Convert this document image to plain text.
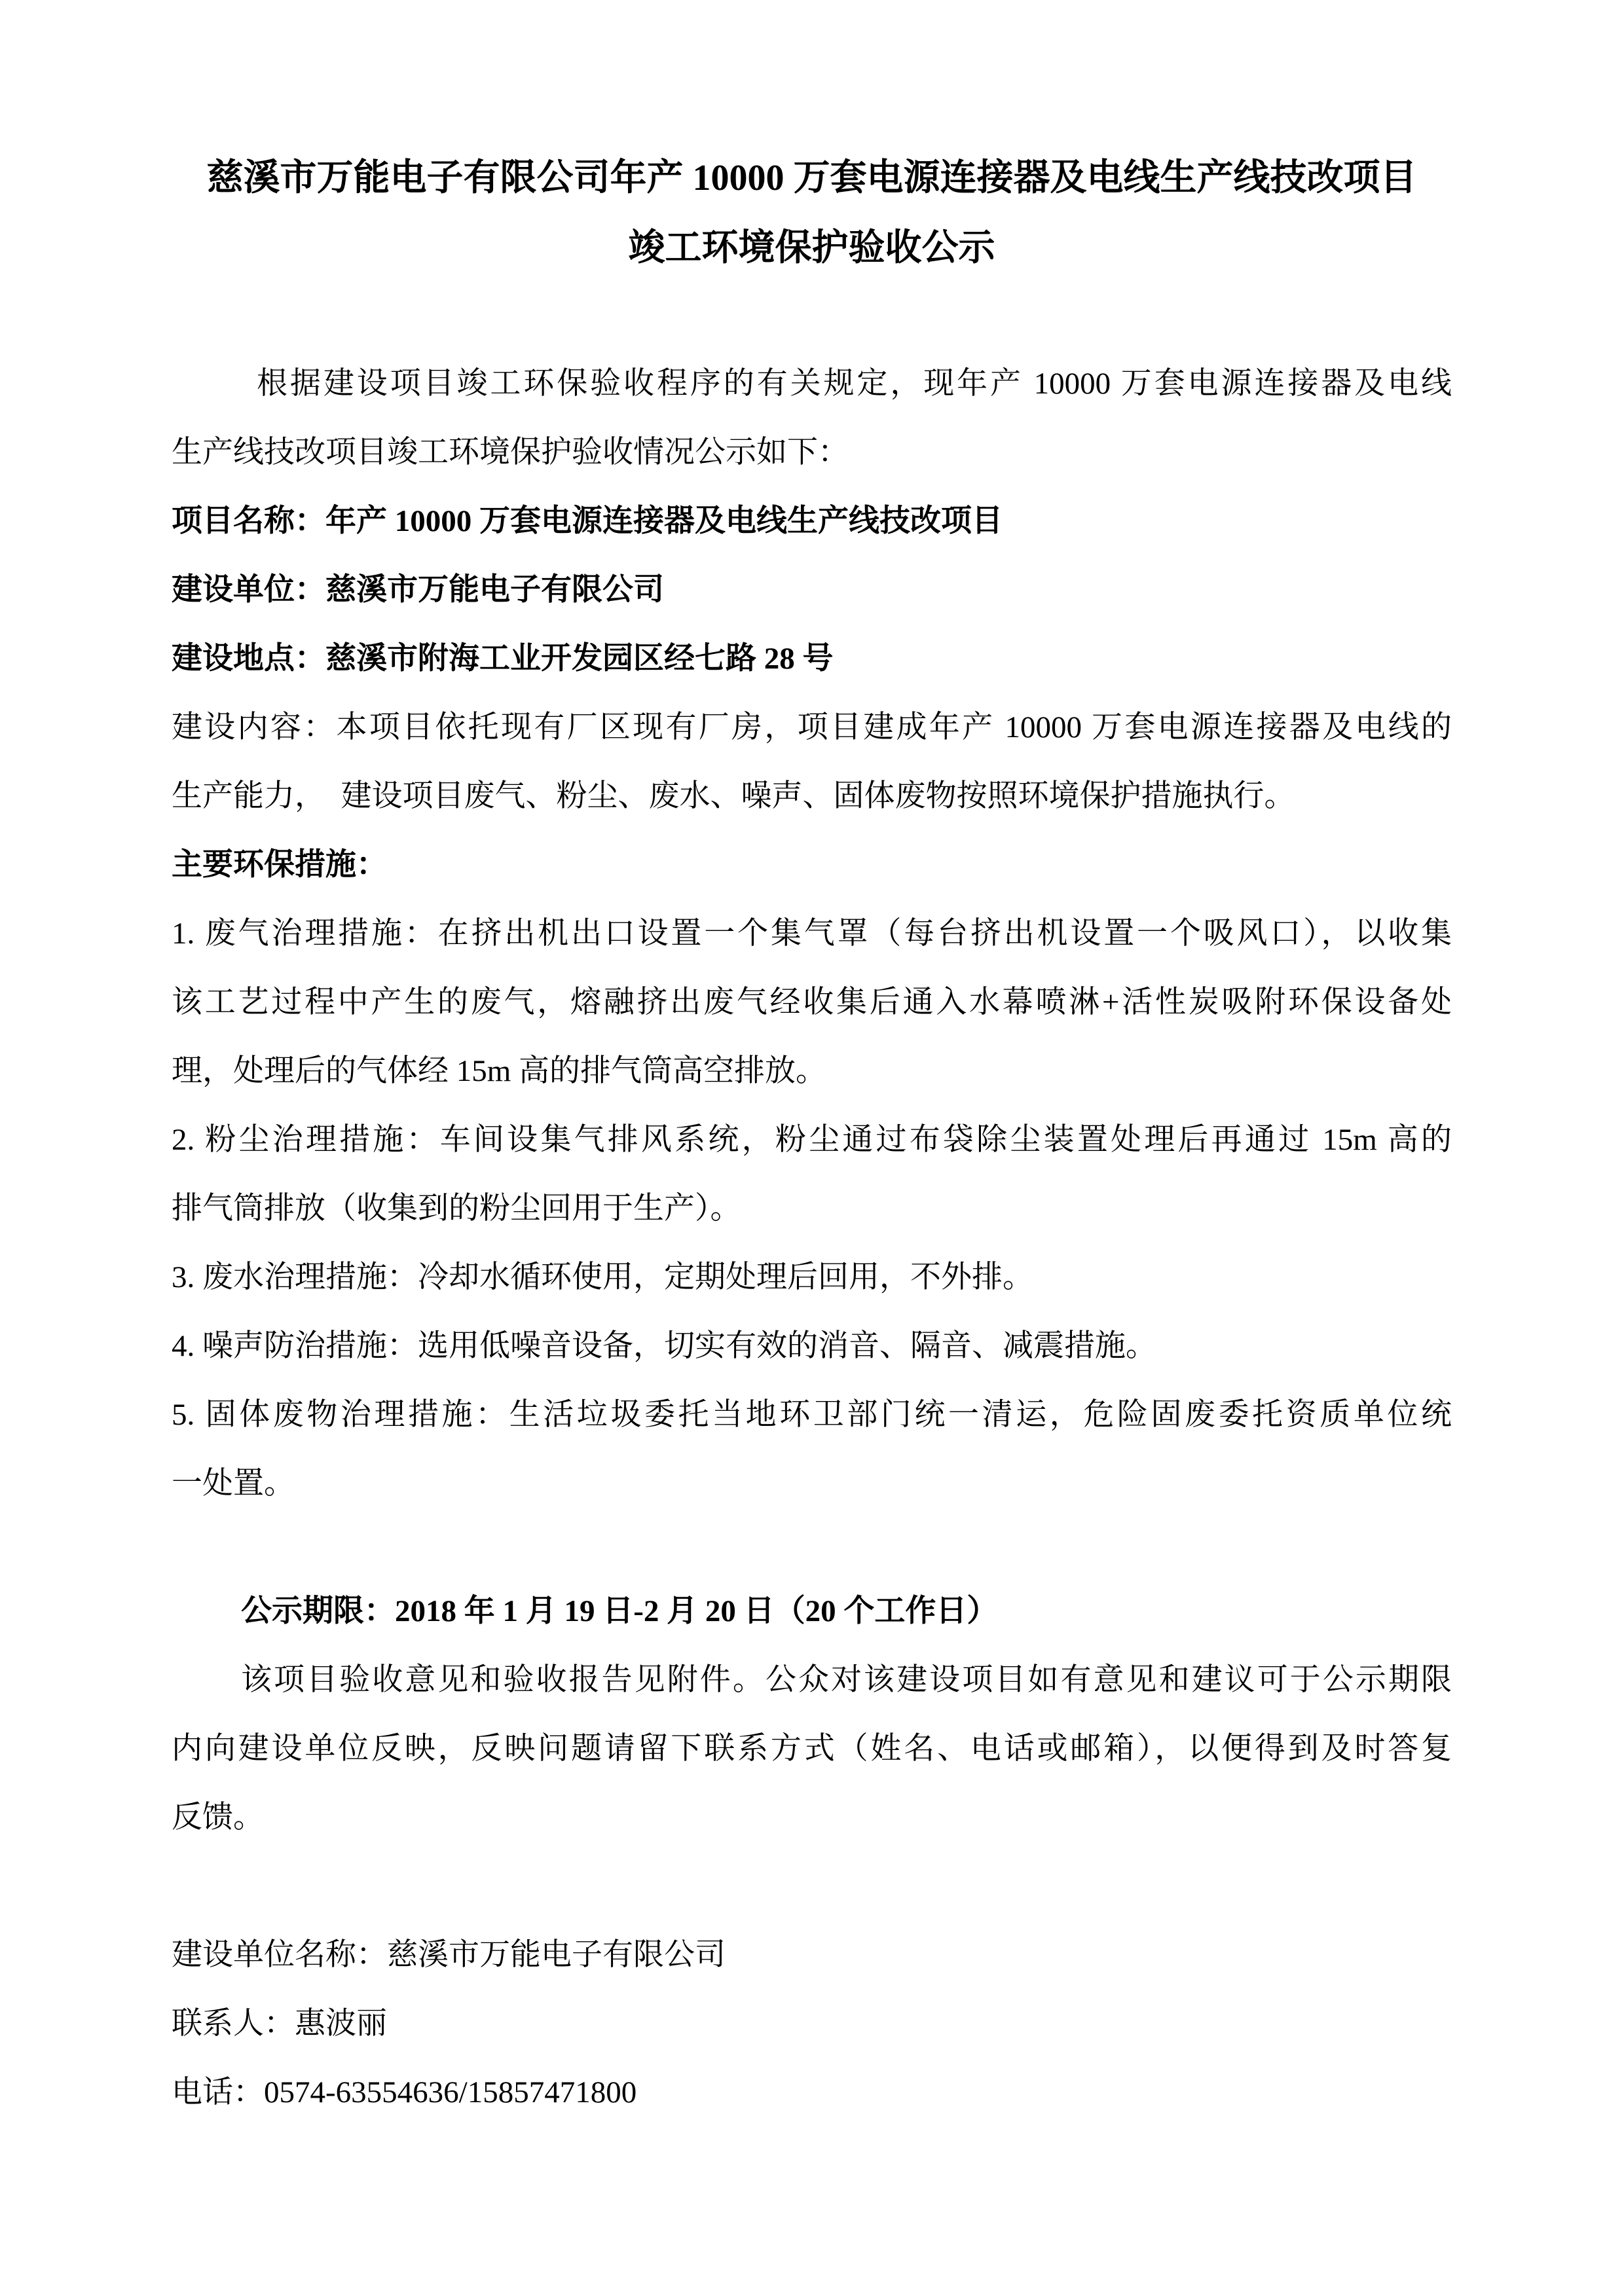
慈溪市万能电子有限公司年产 10000 万套电源连接器及电线生产线技改项目
竣工环境保护验收公示
根据建设项目竣工环保验收程序的有关规定，现年产 10000 万套电源连接器及电线
生产线技改项目竣工环境保护验收情况公示如下：
项目名称：年产 10000 万套电源连接器及电线生产线技改项目
建设单位：慈溪市万能电子有限公司
建设地点：慈溪市附海工业开发园区经七路 28 号
建设内容：本项目依托现有厂区现有厂房，项目建成年产 10000 万套电源连接器及电线的
生产能力，  建设项目废气、粉尘、废水、噪声、固体废物按照环境保护措施执行。
主要环保措施：
1. 废气治理措施：在挤出机出口设置一个集气罩（每台挤出机设置一个吸风口），以收集
该工艺过程中产生的废气，熔融挤出废气经收集后通入水幕喷淋+活性炭吸附环保设备处
理，处理后的气体经 15m 高的排气筒高空排放。
2. 粉尘治理措施：车间设集气排风系统，粉尘通过布袋除尘装置处理后再通过 15m 高的
排气筒排放（收集到的粉尘回用于生产）。
3. 废水治理措施：冷却水循环使用，定期处理后回用，不外排。
4. 噪声防治措施：选用低噪音设备，切实有效的消音、隔音、减震措施。
5. 固体废物治理措施：生活垃圾委托当地环卫部门统一清运，危险固废委托资质单位统
一处置。
公示期限：2018 年 1 月 19 日-2 月 20 日（20 个工作日）
该项目验收意见和验收报告见附件。公众对该建设项目如有意见和建议可于公示期限
内向建设单位反映，反映问题请留下联系方式（姓名、电话或邮箱），以便得到及时答复
反馈。
建设单位名称：慈溪市万能电子有限公司
联系人：惠波丽
电话：0574-63554636/15857471800
